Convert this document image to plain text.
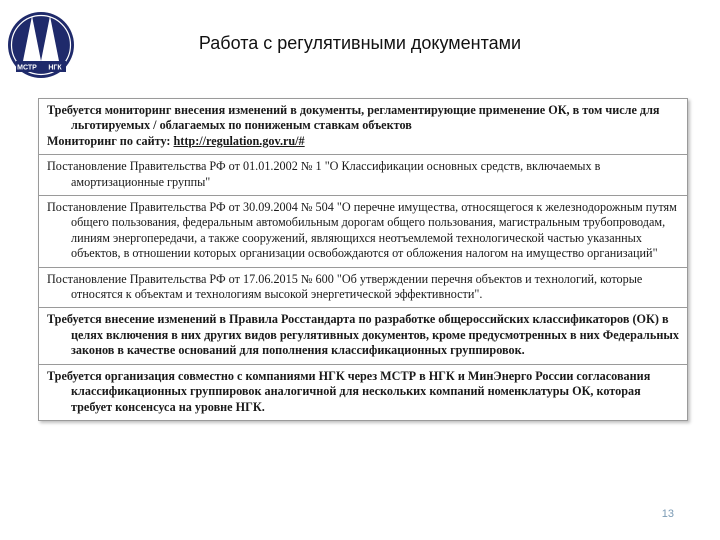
МСТР НГК
Работа с регулятивными документами

Требуется мониторинг внесения изменений в документы, регламентирующие применение ОК, в том числе для льготируемых / облагаемых по пониженым ставкам объектов

Мониторинг по сайту: http://regulation.gov.ru/#

Постановление Правительства РФ от 01.01.2002 № 1 "О Классификации основных средств, включаемых в амортизационные группы"

Постановление Правительства РФ от 30.09.2004 № 504 "О перечне имущества, относящегося к железнодорожным путям общего пользования, федеральным автомобильным дорогам общего пользования, магистральным трубопроводам, линиям энергопередачи, а также сооружений, являющихся неотъемлемой технологической частью указанных объектов, в отношении которых организации освобождаются от обложения налогом на имущество организаций"

Постановление Правительства РФ от 17.06.2015 № 600 "Об утверждении перечня объектов и технологий, которые относятся к объектам и технологиям высокой энергетической эффективности".

Требуется внесение изменений в Правила Росстандарта по разработке общероссийских классификаторов (ОК) в целях включения в них других видов регулятивных документов, кроме предусмотренных в них Федеральных законов в качестве оснований для пополнения классификационных группировок.

Требуется организация совместно с компаниями НГК через МСТР в НГК и МинЭнерго России согласования классификационных группировок аналогичной для нескольких компаний номенклатуры ОК, которая требует консенсуса на уровне НГК.

13
